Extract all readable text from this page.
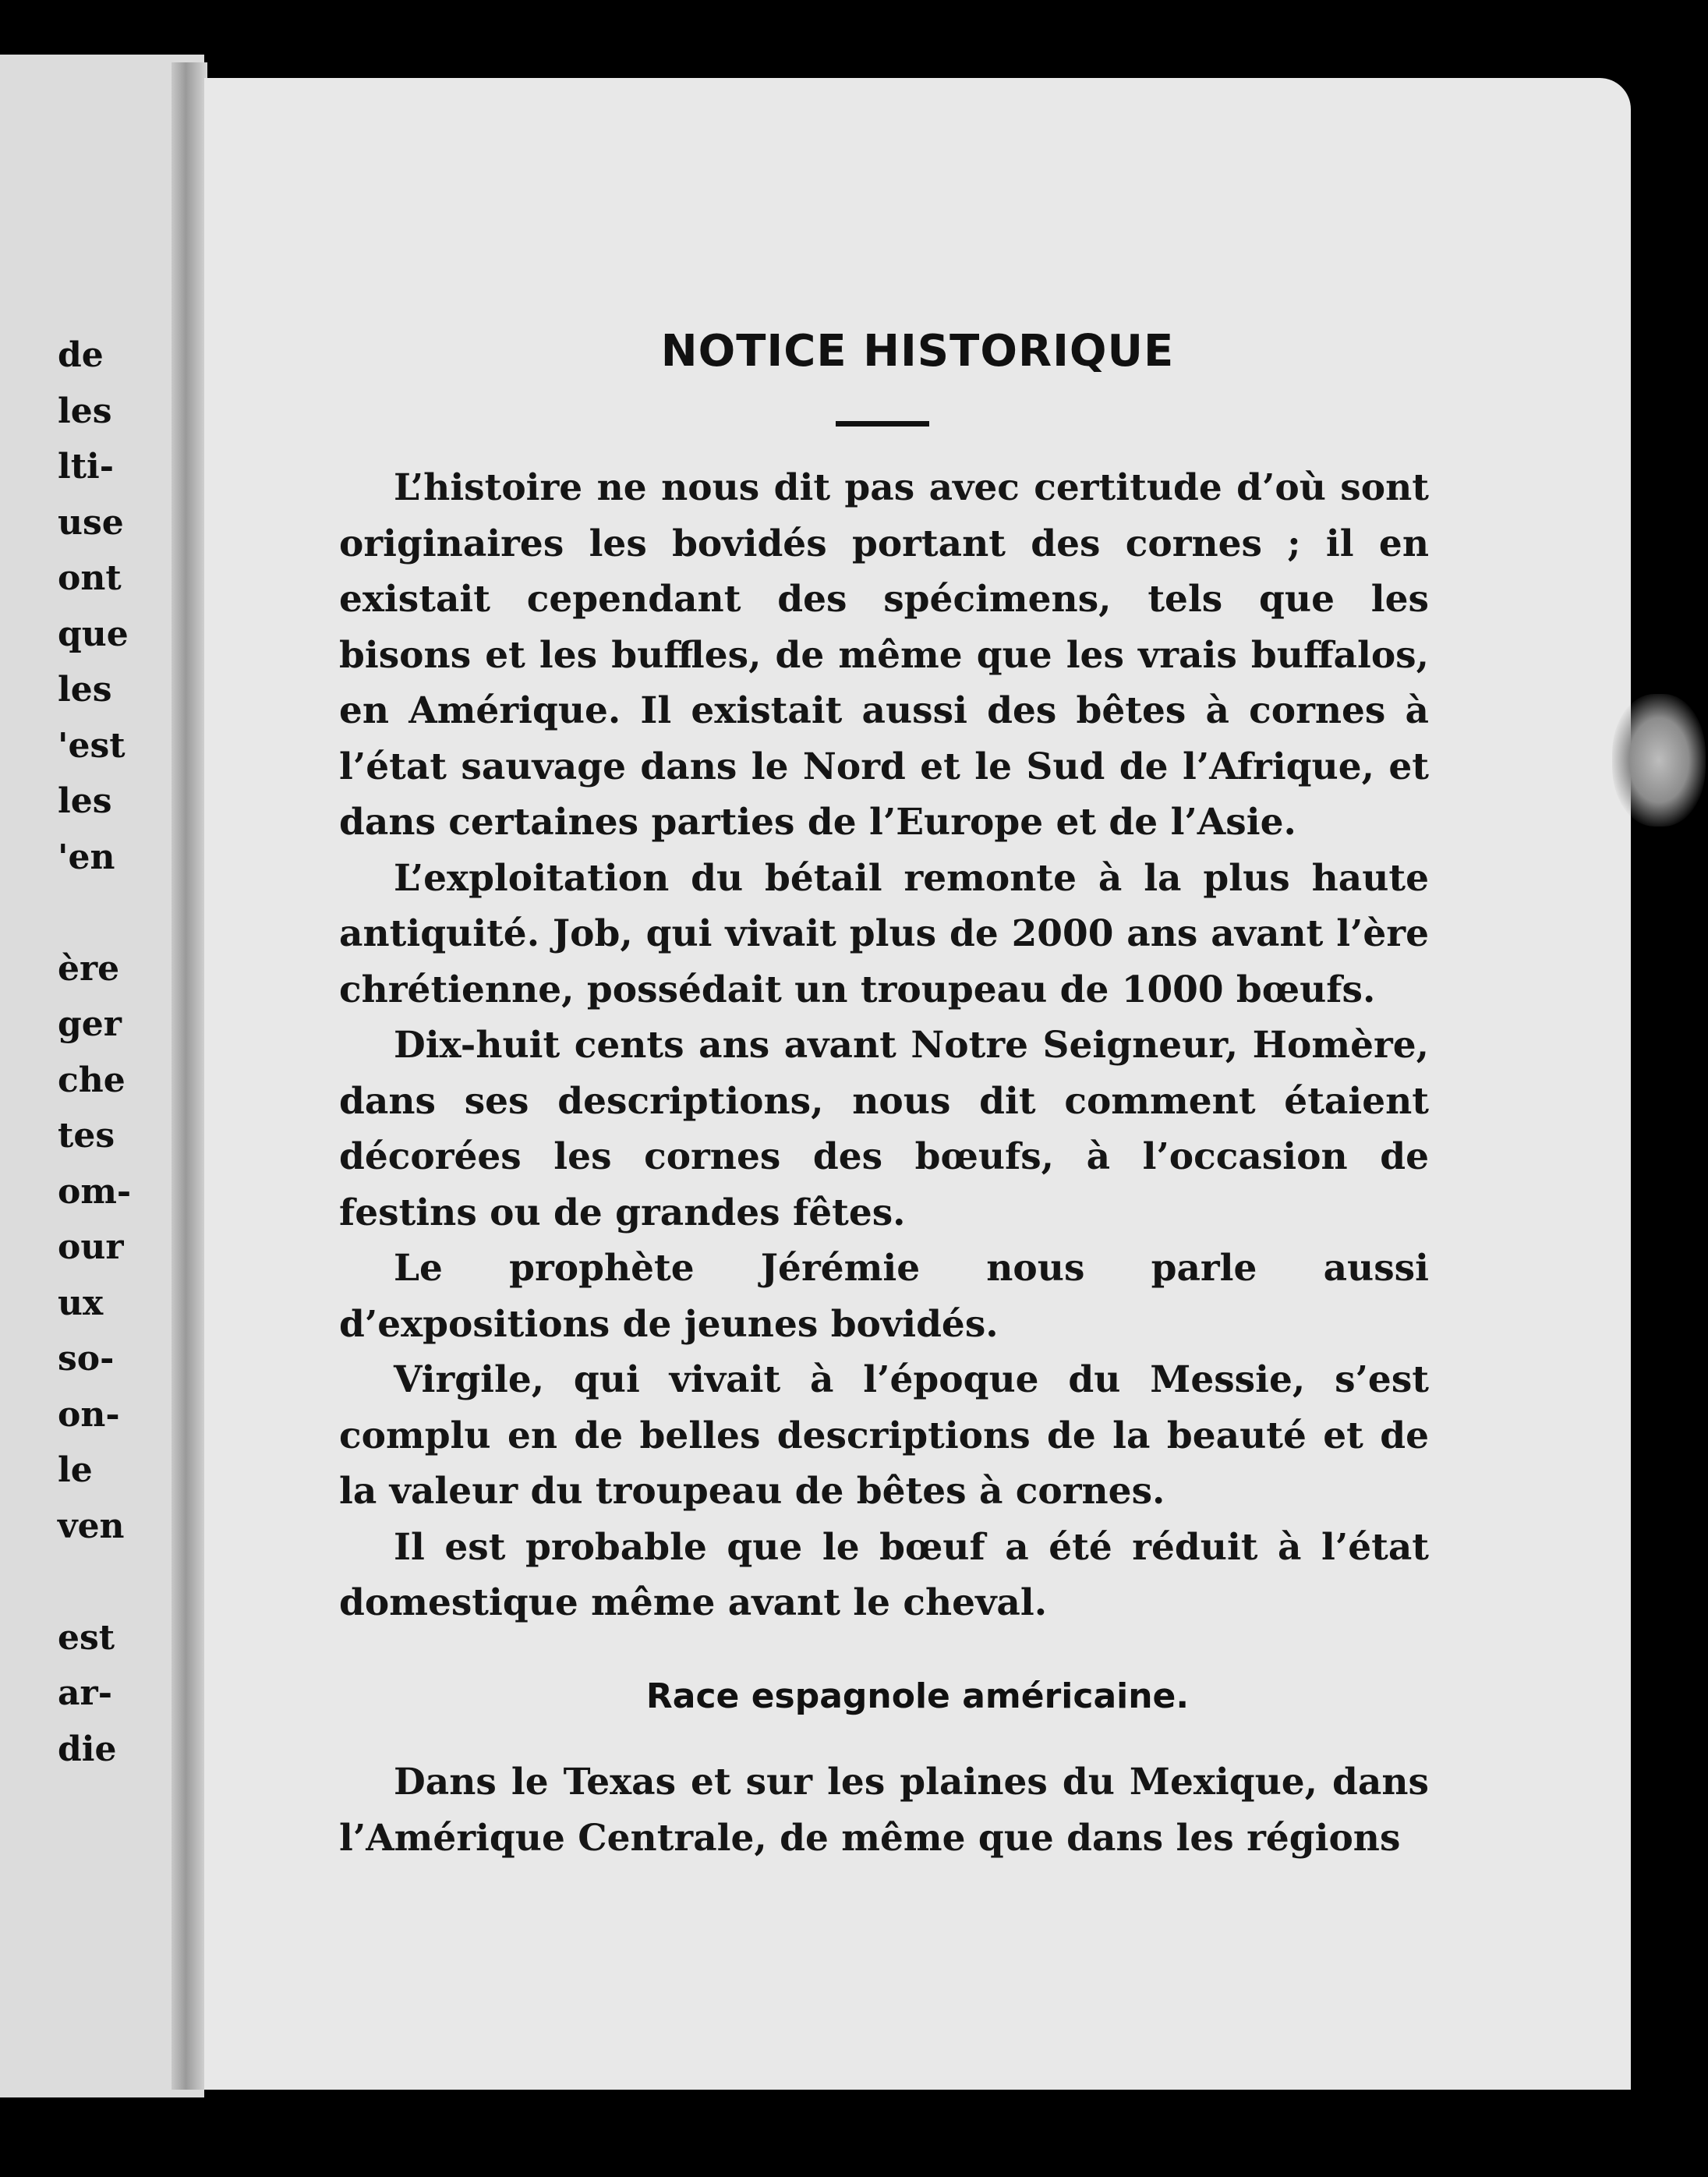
de
les
lti-
use
ont
que
les
'est
les
'en
ère
ger
che
tes
om-
our
ux
so-
on-
le
ven
est
ar-
die
NOTICE HISTORIQUE

L’histoire ne nous dit pas avec certitude d’où sont originaires les bovidés portant des cornes ; il en existait cependant des spécimens, tels que les bisons et les buffles, de même que les vrais buffalos, en Amérique. Il existait aussi des bêtes à cornes à l’état sauvage dans le Nord et le Sud de l’Afrique, et dans certaines parties de l’Europe et de l’Asie.

L’exploitation du bétail remonte à la plus haute antiquité. Job, qui vivait plus de 2000 ans avant l’ère chrétienne, possédait un troupeau de 1000 bœufs.

Dix-huit cents ans avant Notre Seigneur, Homère, dans ses descriptions, nous dit comment étaient décorées les cornes des bœufs, à l’occasion de festins ou de grandes fêtes.

Le prophète Jérémie nous parle aussi d’expositions de jeunes bovidés.

Virgile, qui vivait à l’époque du Messie, s’est complu en de belles descriptions de la beauté et de la valeur du troupeau de bêtes à cornes.

Il est probable que le bœuf a été réduit à l’état domestique même avant le cheval.

Race espagnole américaine.

Dans le Texas et sur les plaines du Mexique, dans l’Amérique Centrale, de même que dans les régions
